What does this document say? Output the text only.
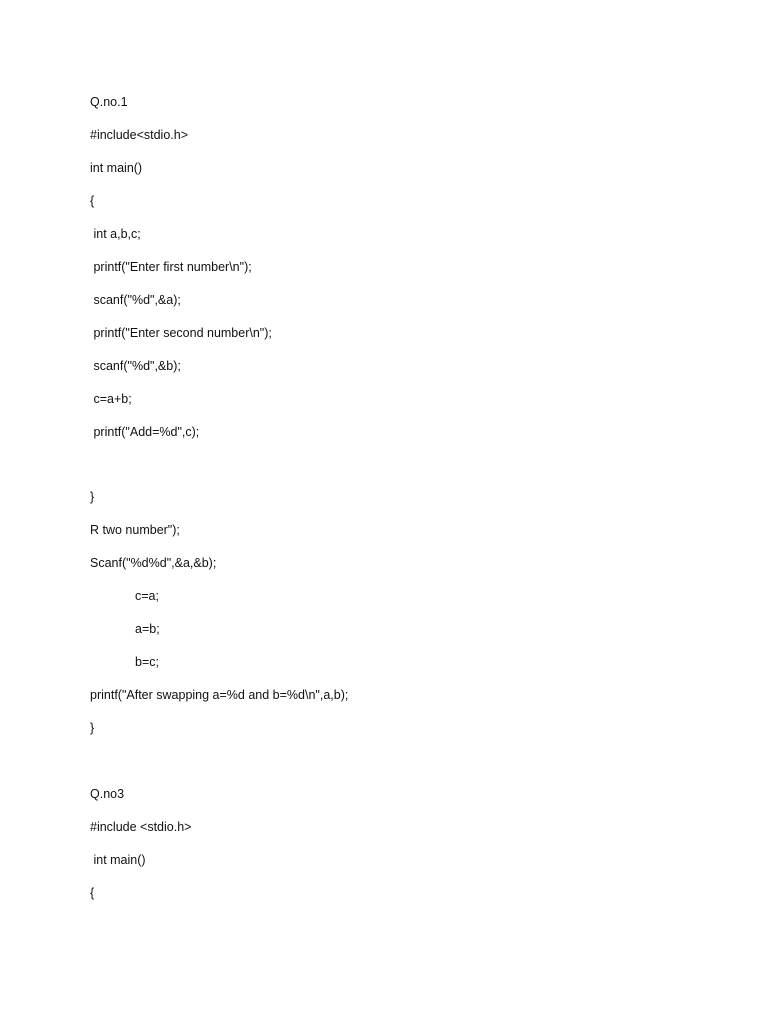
Q.no.1
#include<stdio.h>
int main()
{
int a,b,c;
printf("Enter first number\n");
scanf("%d",&a);
printf("Enter second number\n");
scanf("%d",&b);
c=a+b;
printf("Add=%d",c);
}
R two number");
Scanf("%d%d",&a,&b);
c=a;
a=b;
b=c;
printf("After swapping a=%d and b=%d\n",a,b);
}
Q.no3
#include <stdio.h>
int main()
{
